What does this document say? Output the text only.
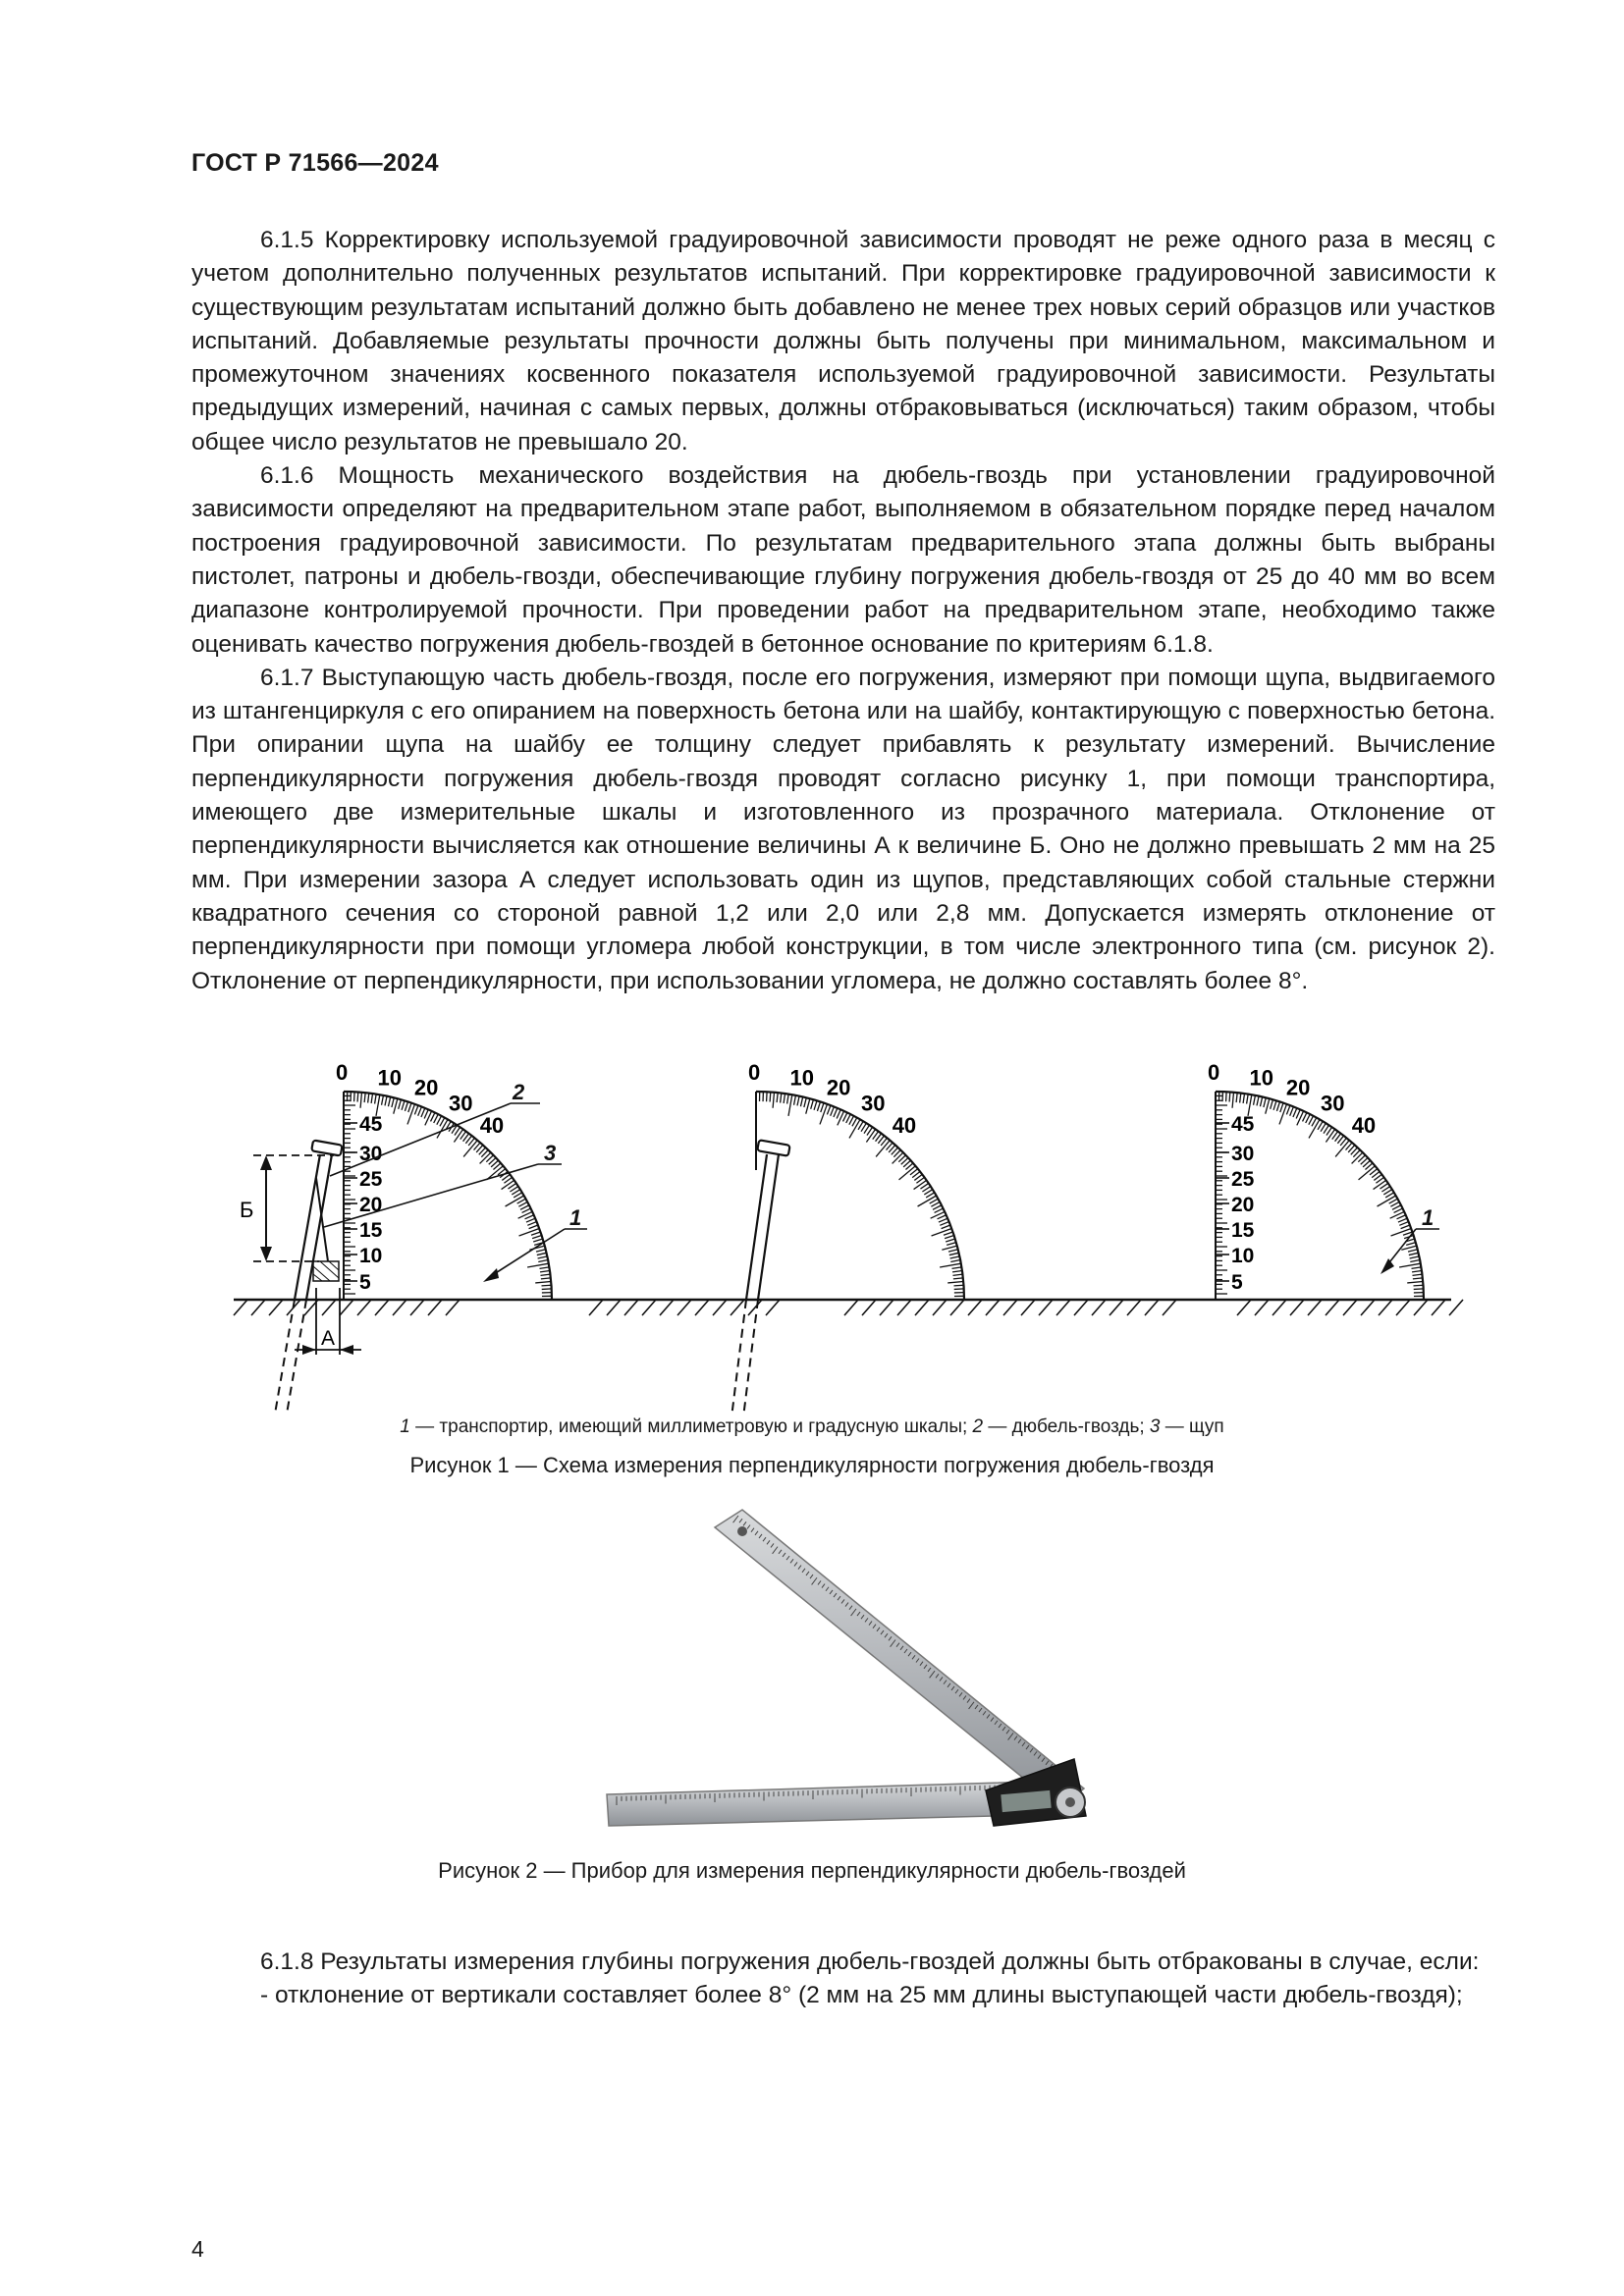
ГОСТ Р 71566—2024

6.1.5 Корректировку используемой градуировочной зависимости проводят не реже одного раза в месяц с учетом дополнительно полученных результатов испытаний. При корректировке градуировочной зависимости к существующим результатам испытаний должно быть добавлено не менее трех новых серий образцов или участков испытаний. Добавляемые результаты прочности должны быть получены при минимальном, максимальном и промежуточном значениях косвенного показателя используемой градуировочной зависимости. Результаты предыдущих измерений, начиная с самых первых, должны отбраковываться (исключаться) таким образом, чтобы общее число результатов не превышало 20.

6.1.6 Мощность механического воздействия на дюбель-гвоздь при установлении градуировочной зависимости определяют на предварительном этапе работ, выполняемом в обязательном порядке перед началом построения градуировочной зависимости. По результатам предварительного этапа должны быть выбраны пистолет, патроны и дюбель-гвозди, обеспечивающие глубину погружения дюбель-гвоздя от 25 до 40 мм во всем диапазоне контролируемой прочности. При проведении работ на предварительном этапе, необходимо также оценивать качество погружения дюбель-гвоздей в бетонное основание по критериям 6.1.8.

6.1.7 Выступающую часть дюбель-гвоздя, после его погружения, измеряют при помощи щупа, выдвигаемого из штангенциркуля с его опиранием на поверхность бетона или на шайбу, контактирующую с поверхностью бетона. При опирании щупа на шайбу ее толщину следует прибавлять к результату измерений. Вычисление перпендикулярности погружения дюбель-гвоздя проводят согласно рисунку 1, при помощи транспортира, имеющего две измерительные шкалы и изготовленного из прозрачного материала. Отклонение от перпендикулярности вычисляется как отношение величины А к величине Б. Оно не должно превышать 2 мм на 25 мм. При измерении зазора А следует использовать один из щупов, представляющих собой стальные стержни квадратного сечения со стороной равной 1,2 или 2,0 или 2,8 мм. Допускается измерять отклонение от перпендикулярности при помощи угломера любой конструкции, в том числе электронного типа (см. рисунок 2). Отклонение от перпендикулярности, при использовании угломера, не должно составлять более 8°.

0 10 20
30
40
45
30
25
20
15
10
5
0 10 20
30
40
0 10 20
30
40
45
30
25
20
15
10
5
Б
А
2
3
1	1
1 — транспортир, имеющий миллиметровую и градусную шкалы; 2 — дюбель-гвоздь; 3 — щуп
Рисунок 1 — Схема измерения перпендикулярности погружения дюбель-гвоздя
Рисунок 2 — Прибор для измерения перпендикулярности дюбель-гвоздей

6.1.8 Результаты измерения глубины погружения дюбель-гвоздей должны быть отбракованы в случае, если:

- отклонение от вертикали составляет более 8° (2 мм на 25 мм длины выступающей части дюбель-гвоздя);

4
